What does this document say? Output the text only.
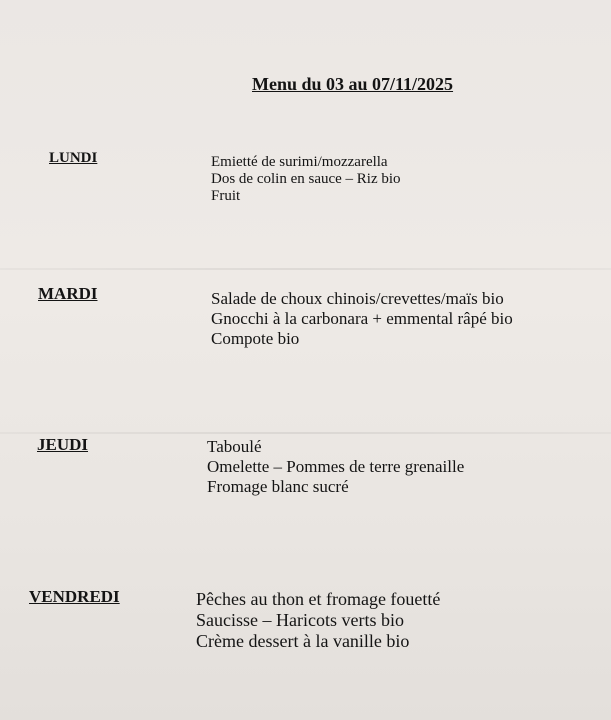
Menu du 03 au 07/11/2025
LUNDI	Emietté de surimi/mozzarella
Dos de colin en sauce – Riz bio
Fruit
MARDI	Salade de choux chinois/crevettes/maïs bio
Gnocchi à la carbonara + emmental râpé bio
Compote bio
JEUDI	Taboulé
Omelette – Pommes de terre grenaille
Fromage blanc sucré
VENDREDI	Pêches au thon et fromage fouetté
Saucisse – Haricots verts bio
Crème dessert à la vanille bio
